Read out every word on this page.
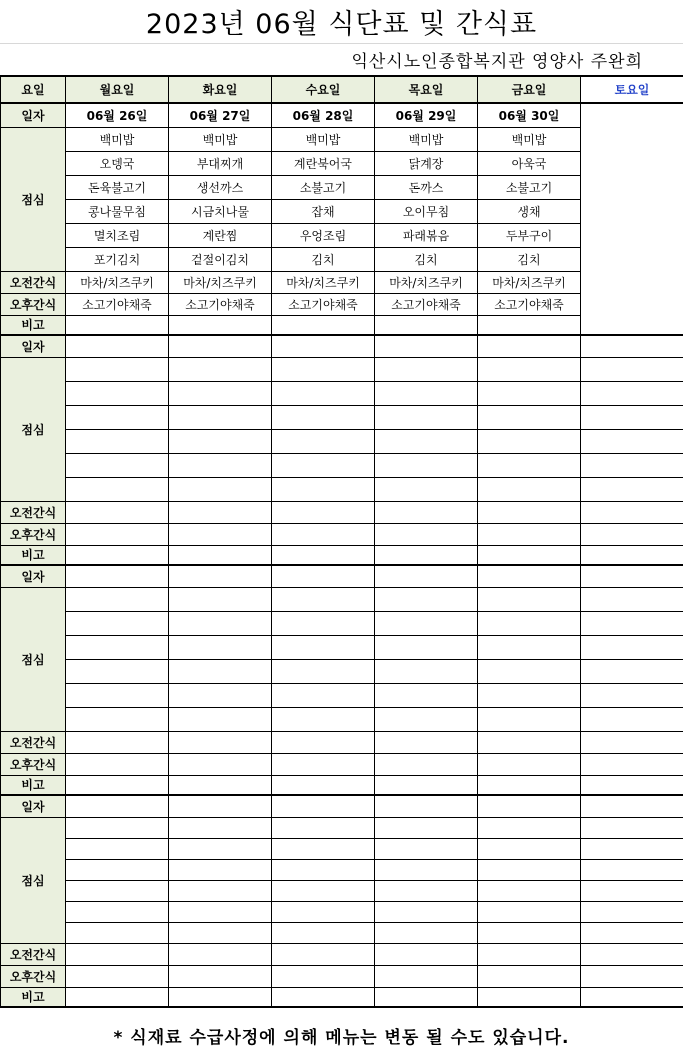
2023년 06월 식단표 및 간식표
익산시노인종합복지관 영양사 주완희
요일	월요일	화요일	수요일	목요일	금요일	토요일
일자	06월 26일	06월 27일	06월 28일	06월 29일	06월 30일	
점심	백미밥	백미밥	백미밥	백미밥	백미밥	
	오뎅국	부대찌개	계란북어국	닭계장	아욱국	
	돈육불고기	생선까스	소불고기	돈까스	소불고기	
	콩나물무침	시금치나물	잡채	오이무침	생채	
	멸치조림	계란찜	우엉조림	파래볶음	두부구이	
	포기김치	겉절이김치	김치	김치	김치	
오전간식	마차/치즈쿠키	마차/치즈쿠키	마차/치즈쿠키	마차/치즈쿠키	마차/치즈쿠키	
오후간식	소고기야채죽	소고기야채죽	소고기야채죽	소고기야채죽	소고기야채죽	
비고						
일자						
점심						

오전간식						
오후간식						
비고						
일자						
점심						

오전간식						
오후간식						
비고						
일자						
점심						

오전간식						
오후간식						
비고						
* 식재료 수급사정에 의해 메뉴는 변동 될 수도 있습니다.
